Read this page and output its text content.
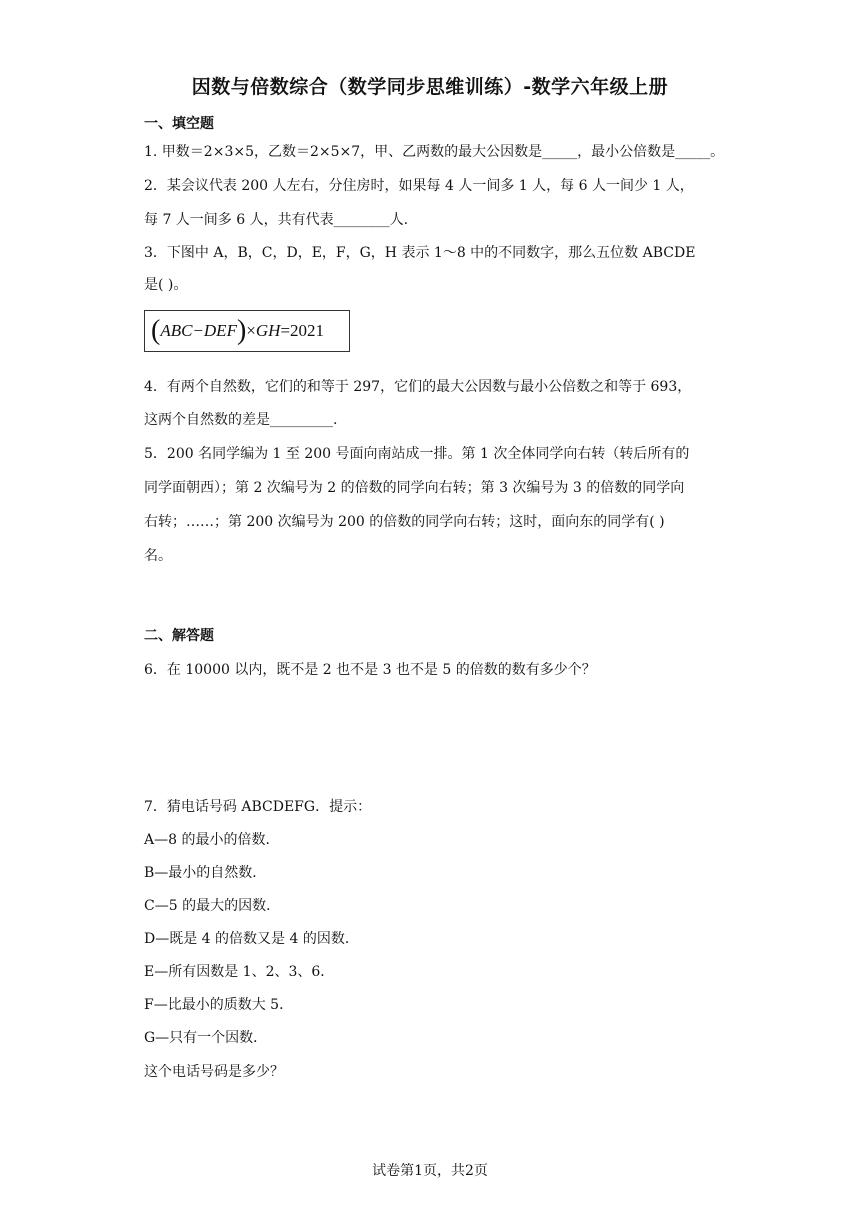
因数与倍数综合（数学同步思维训练）-数学六年级上册
一、填空题
1. 甲数＝2×3×5，乙数＝2×5×7，甲、乙两数的最大公因数是_____，最小公倍数是_____。
2．某会议代表 200 人左右，分住房时，如果每 4 人一间多 1 人，每 6 人一间少 1 人，
每 7 人一间多 6 人，共有代表________人.
3．下图中 A，B，C，D，E，F，G，H 表示 1～8 中的不同数字，那么五位数 ABCDE
是( )。
( ABC−DEF ) × GH =2021
4．有两个自然数，它们的和等于 297，它们的最大公因数与最小公倍数之和等于 693，
这两个自然数的差是_________.
5．200 名同学编为 1 至 200 号面向南站成一排。第 1 次全体同学向右转（转后所有的
同学面朝西）；第 2 次编号为 2 的倍数的同学向右转；第 3 次编号为 3 的倍数的同学向
右转；……；第 200 次编号为 200 的倍数的同学向右转；这时，面向东的同学有( )
名。
二、解答题
6．在 10000 以内，既不是 2 也不是 3 也不是 5 的倍数的数有多少个？
7．猜电话号码 ABCDEFG．提示：
A—8 的最小的倍数．
B—最小的自然数．
C—5 的最大的因数．
D—既是 4 的倍数又是 4 的因数．
E—所有因数是 1、2、3、6．
F—比最小的质数大 5．
G—只有一个因数．
这个电话号码是多少？
试卷第1页，共2页
